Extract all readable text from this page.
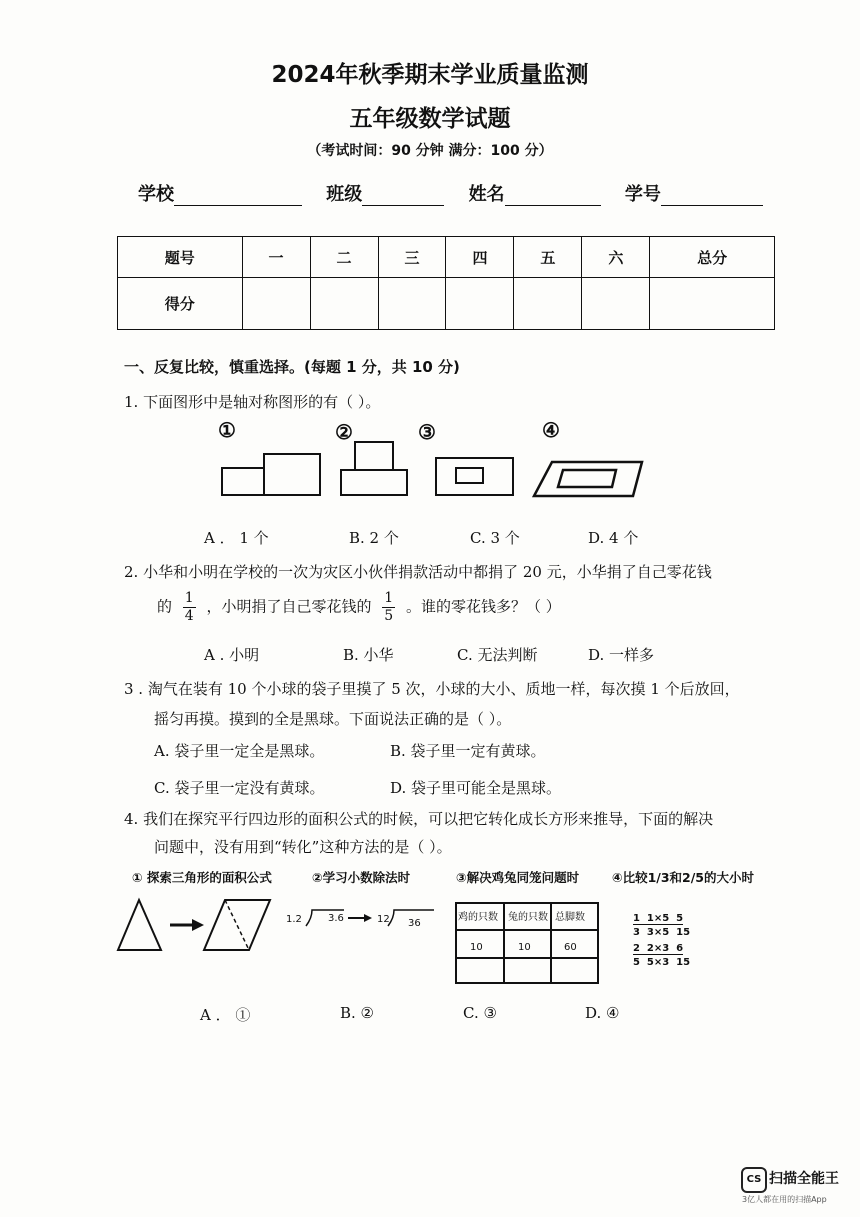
2024年秋季期末学业质量监测
五年级数学试题
（考试时间：90 分钟 满分：100 分）
学校	班级	姓名	学号
题号	一	二	三	四	五	六	总分
得分							
一、反复比较，慎重选择。(每题 1 分，共 10 分)
1. 下面图形中是轴对称图形的有（ ）。
①	②	③	④
A ． 1 个	B. 2 个	C. 3 个	D. 4 个
2. 小华和小明在学校的一次为灾区小伙伴捐款活动中都捐了 20 元，小华捐了自己零花钱
的 $\frac{1}{4}$ ，小明捐了自己零花钱的 $\frac{1}{5}$ 。谁的零花钱多？（ ）
A . 小明	B. 小华	C. 无法判断	D. 一样多
3 . 淘气在装有 10 个小球的袋子里摸了 5 次，小球的大小、质地一样，每次摸 1 个后放回，
摇匀再摸。摸到的全是黑球。下面说法正确的是（ ）。
A. 袋子里一定全是黑球。	B. 袋子里一定有黄球。
C. 袋子里一定没有黄球。	D. 袋子里可能全是黑球。
4. 我们在探究平行四边形的面积公式的时候，可以把它转化成长方形来推导，下面的解决
问题中，没有用到“转化”这种方法的是（ ）。
① 探索三角形的面积公式	②学习小数除法时	③解决鸡兔同笼问题时	④比较1/3和2/5的大小时
1.2	3.6	12 36
鸡的只数 兔的只数 总脚数
10	10	60
1  1×5  5
3  3×5  15
2  2×3  6
5  5×3  15
A ． ①	B. ②	C. ③	D. ④
CS 扫描全能王
3亿人都在用的扫描App
